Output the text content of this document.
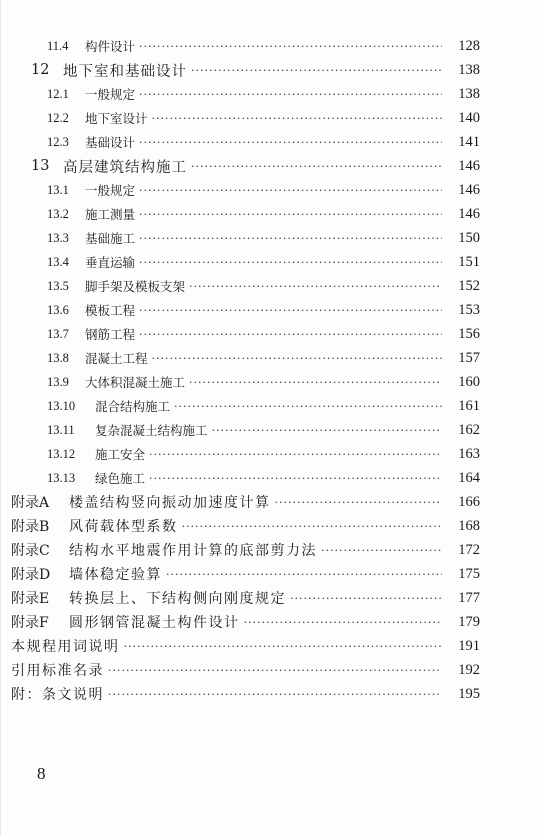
11.4	构件设计 ·····	128
12 地下室和基础设计 ·····	138
12.1	一般规定 ·····	138
12.2	地下室设计 ·····	140
12.3	基础设计 ·····	141
13 高层建筑结构施工 ·····	146
13.1	一般规定 ·····	146
13.2	施工测量 ·····	146
13.3	基础施工 ·····	150
13.4	垂直运输 ·····	151
13.5	脚手架及模板支架 ·····	152
13.6	模板工程 ·····	153
13.7	钢筋工程 ·····	156
13.8	混凝土工程 ·····	157
13.9	大体积混凝土施工 ·····	160
13.10	混合结构施工 ·····	161
13.11	复杂混凝土结构施工 ·····	162
13.12	施工安全 ·····	163
13.13	绿色施工 ·····	164
附录A	楼盖结构竖向振动加速度计算 ·····	166
附录B	风荷载体型系数 ·····	168
附录C	结构水平地震作用计算的底部剪力法 ·····	172
附录D	墙体稳定验算 ·····	175
附录E	转换层上、下结构侧向刚度规定 ·····	177
附录F	圆形钢管混凝土构件设计 ·····	179
本规程用词说明 ·····	191
引用标准名录 ·····	192
附：条文说明 ·····	195
8
